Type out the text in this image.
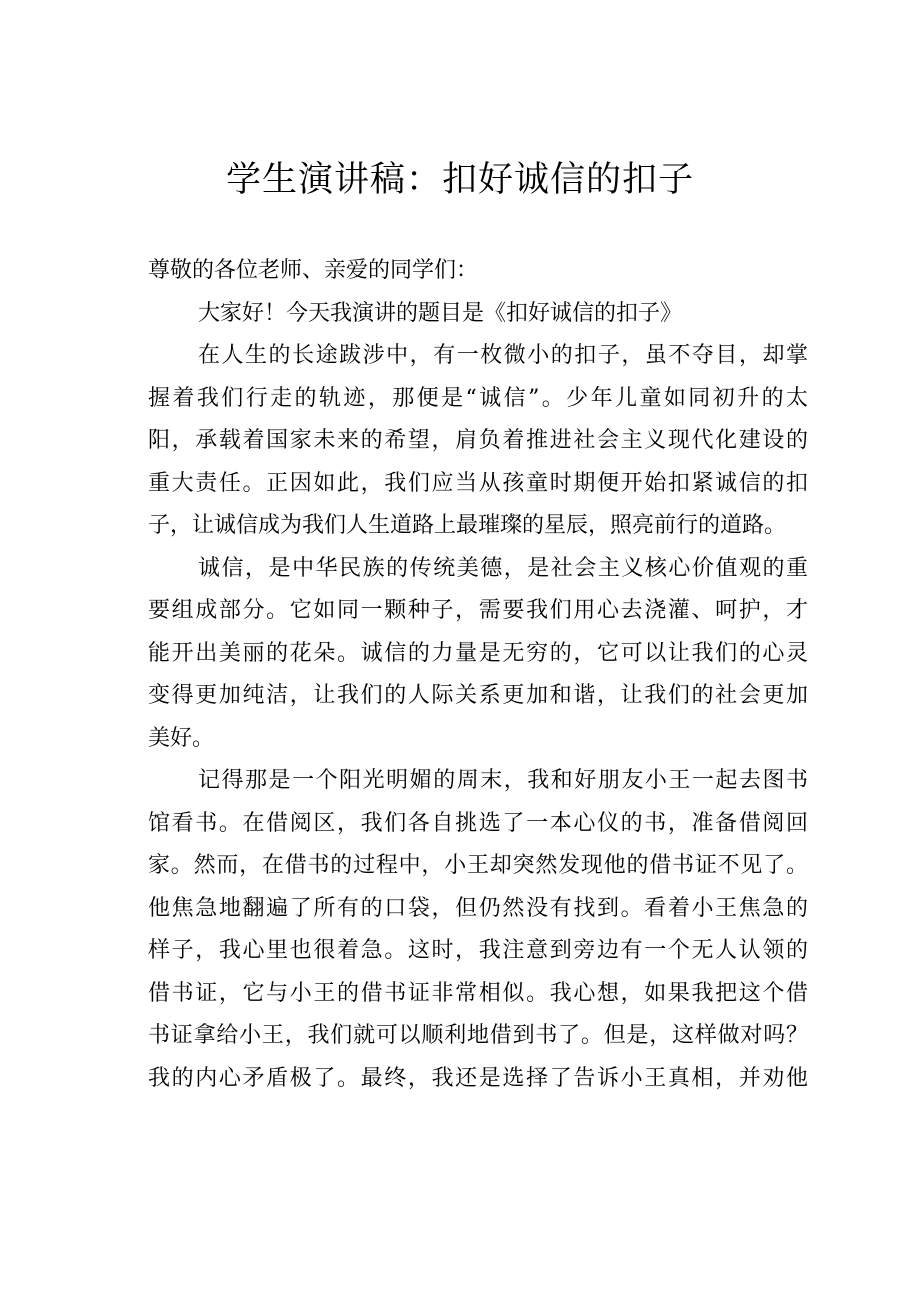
学生演讲稿：扣好诚信的扣子
尊敬的各位老师、亲爱的同学们：
大家好！今天我演讲的题目是《扣好诚信的扣子》
在人生的长途跋涉中，有一枚微小的扣子，虽不夺目，却掌
握着我们行走的轨迹，那便是“诚信”。少年儿童如同初升的太
阳，承载着国家未来的希望，肩负着推进社会主义现代化建设的
重大责任。正因如此，我们应当从孩童时期便开始扣紧诚信的扣
子，让诚信成为我们人生道路上最璀璨的星辰，照亮前行的道路。
诚信，是中华民族的传统美德，是社会主义核心价值观的重
要组成部分。它如同一颗种子，需要我们用心去浇灌、呵护，才
能开出美丽的花朵。诚信的力量是无穷的，它可以让我们的心灵
变得更加纯洁，让我们的人际关系更加和谐，让我们的社会更加
美好。
记得那是一个阳光明媚的周末，我和好朋友小王一起去图书
馆看书。在借阅区，我们各自挑选了一本心仪的书，准备借阅回
家。然而，在借书的过程中，小王却突然发现他的借书证不见了。
他焦急地翻遍了所有的口袋，但仍然没有找到。看着小王焦急的
样子，我心里也很着急。这时，我注意到旁边有一个无人认领的
借书证，它与小王的借书证非常相似。我心想，如果我把这个借
书证拿给小王，我们就可以顺利地借到书了。但是，这样做对吗？
我的内心矛盾极了。最终，我还是选择了告诉小王真相，并劝他
